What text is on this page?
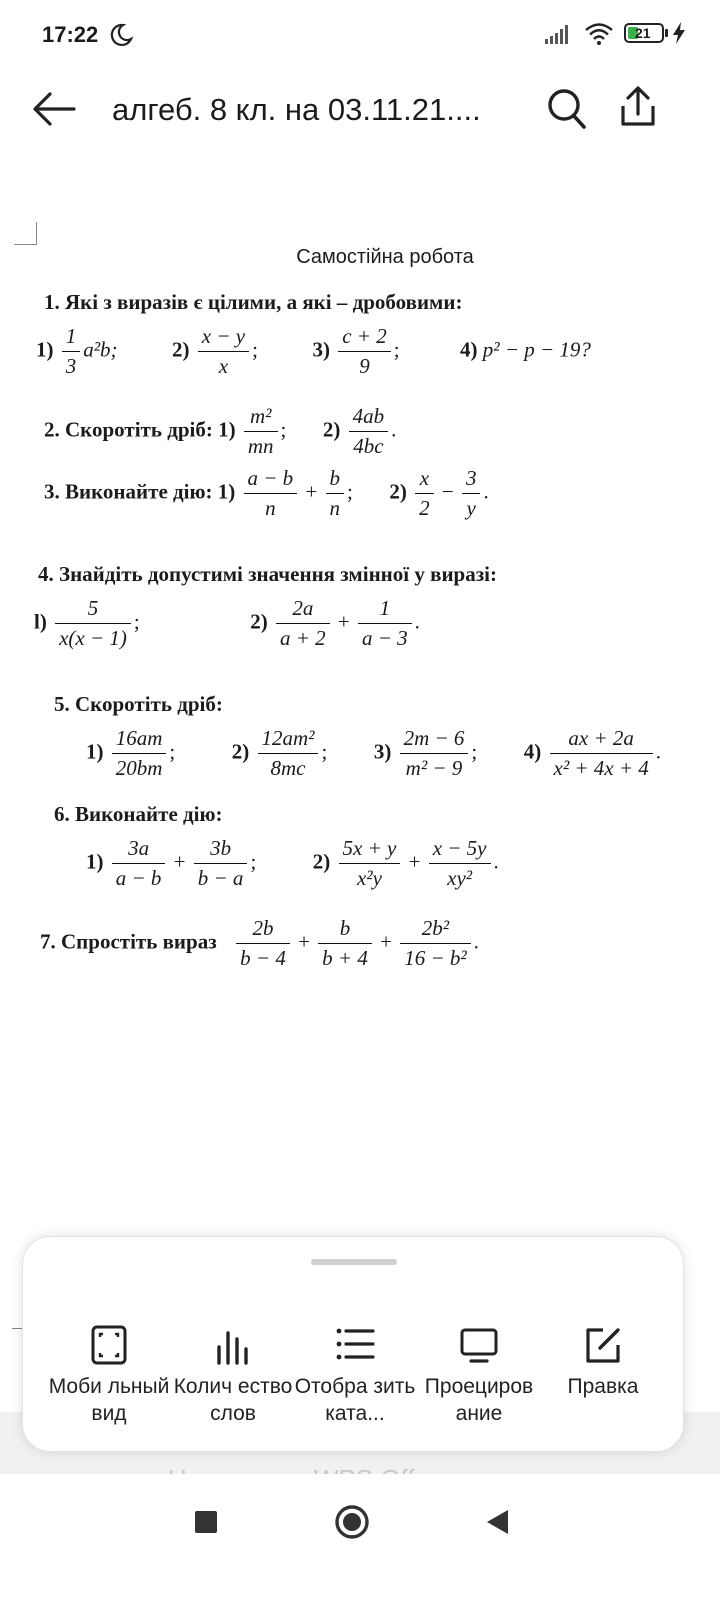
17:22	21
алгеб. 8 кл. на 03.11.21....
Самостійна робота
1. Які з виразів є цілими, а які – дробовими:
$1) \frac{1}{3} a^2b$;	$2) \frac{x - y}{x}$ ;	$3) \frac{c + 2}{9}$ ;	4) p² − p − 19?
2. Скоротіть дріб: $1) \frac{\text{m²}}{mn}$ ; $2) \frac{4ab}{4bc}$ .
3. Виконайте дію: $1) \frac{a - b}{n} + \frac{b}{n}$ ; $2) \frac{x}{2} - \frac{3}{y}$ .
4. Знайдіть допустимі значення змінної у виразі:
$l) \frac{5}{x(x - 1)}$ ;	$2) \frac{2a}{a + 2} + \frac{1}{a - 3}$ .
5. Скоротіть дріб:
$1) \frac{16am}{20bm}$ ;	$2) \frac{\text{12am²}}{8mc}$ ; $3) \frac{2m - 6}{\text{m² − 9}}$ ; $4) \frac{ax + 2a}{\text{x² + 4x + 4}}$ .
6. Виконайте дію:
$1) \frac{3a}{a - b} + \frac{3b}{b - a}$ ;	$2) \frac{5x + y}{\text{x²y}} + \frac{x - 5y}{\text{xy²}}$ .
7. Спростіть вираз $\frac{2b}{b - 4} + \frac{b}{b + 4} + \frac{\text{2b²}}{\text{16 − b²}}$ .
Моби льный вид
Колич ество слов
Отобра зить ката...
Проециров ание
Правка
